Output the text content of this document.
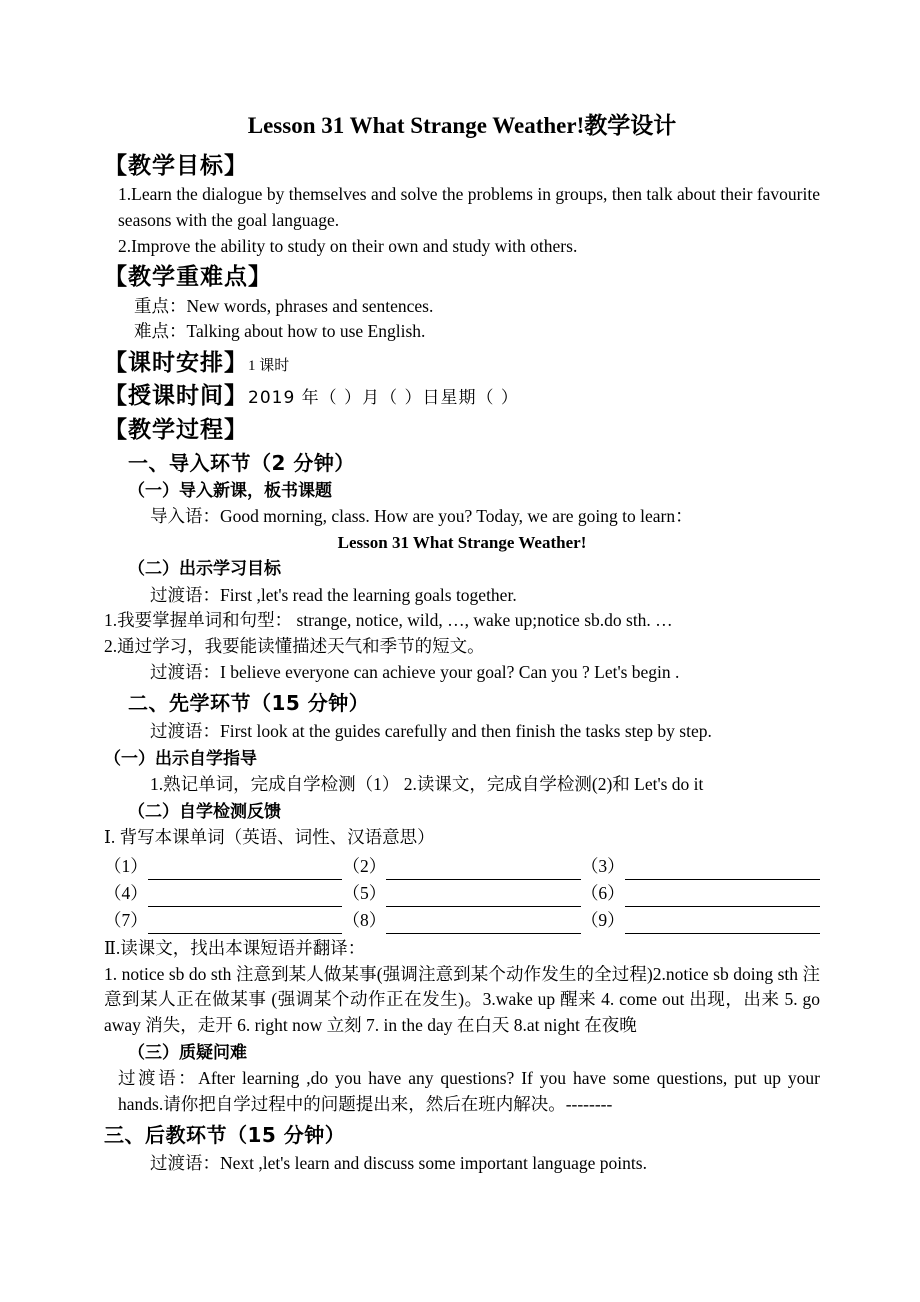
Lesson 31 What Strange Weather!教学设计
【教学目标】

1.Learn the dialogue by themselves and solve the problems in groups, then talk about their favourite seasons with the goal language.

2.Improve the ability to study on their own and study with others.

【教学重难点】

重点：New words, phrases and sentences.

难点：Talking about how to use English.

【课时安排】1 课时
【授课时间】2019 年（ ）月（ ）日星期（ ）
【教学过程】
一、导入环节（2 分钟）
（一）导入新课，板书课题

导入语：Good morning, class. How are you? Today, we are going to learn：

Lesson 31 What Strange Weather!

（二）出示学习目标

过渡语：First ,let's read the learning goals together.

1.我要掌握单词和句型： strange, notice, wild, …, wake up;notice sb.do sth. …

2.通过学习，我要能读懂描述天气和季节的短文。

过渡语：I believe everyone can achieve your goal? Can you ? Let's begin .

二、先学环节（15 分钟）

过渡语：First look at the guides carefully and then finish the tasks step by step.

（一）出示自学指导

1.熟记单词，完成自学检测（1） 2.读课文，完成自学检测(2)和 Let's do it

（二）自学检测反馈

Ⅰ. 背写本课单词（英语、词性、汉语意思）

（1）			（2）			（3）	
（4）			（5）			（6）	
（7）			（8）			（9）	

Ⅱ.读课文，找出本课短语并翻译：

1. notice sb do sth 注意到某人做某事(强调注意到某个动作发生的全过程)2.notice sb doing sth 注意到某人正在做某事 (强调某个动作正在发生)。3.wake up 醒来 4. come out 出现，出来 5. go away 消失，走开 6. right now 立刻 7. in the day 在白天 8.at night 在夜晚

（三）质疑问难

过渡语：After learning ,do you have any questions? If you have some questions, put up your hands.请你把自学过程中的问题提出来，然后在班内解决。--------

三、后教环节（15 分钟）

过渡语：Next ,let's learn and discuss some important language points.
